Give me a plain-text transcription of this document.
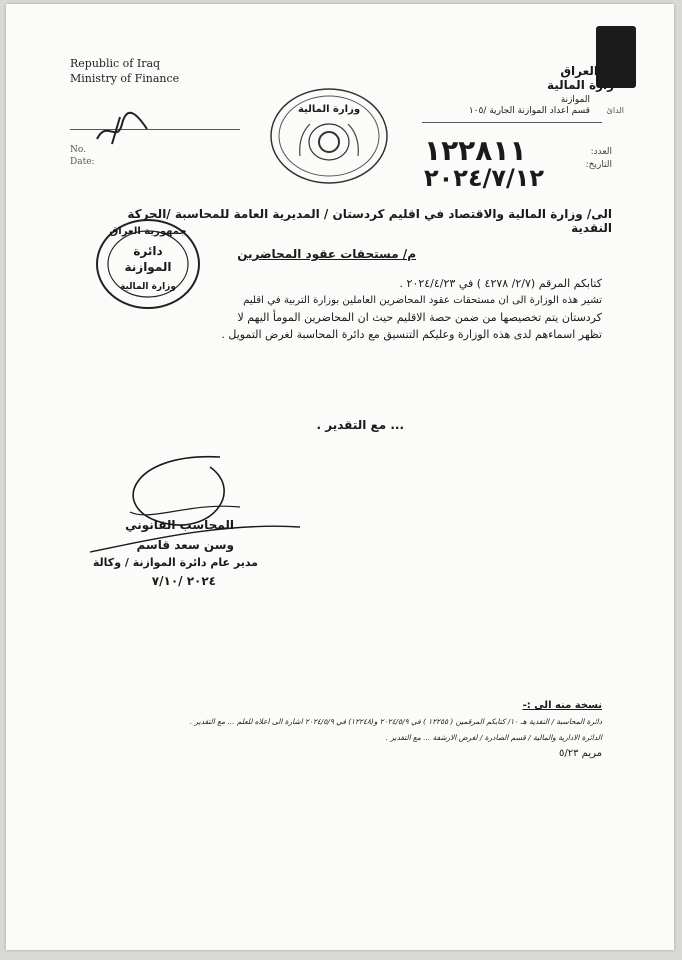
Republic of Iraq
Ministry of Finance
No.
Date:
وزارة المالية
ية العراق
زارة المالية
الموازنة
قسم اعداد الموازنة الجارية /١٠٥ الدائ
العدد:
التاريخ:
١٢٢٨١١
٢٠٢٤/٧/١٢
الى/ وزارة المالية والاقتصاد في اقليم كردستان / المديرية العامة للمحاسبة /الحركة النقدية
جمهورية العراق
دائرة
الموازنة
وزارة المالية
م/ مستحقات عقود المحاضرين
كتابكم المرقم (٢/٧/ ٤٢٧٨ ) في ٢٠٢٤/٤/٢٣ .
تشير هذه الوزارة الى ان مستحقات عقود المحاضرين العاملين بوزارة التربية في اقليم
كردستان يتم تخصيصها من ضمن حصة الاقليم حيث ان المحاضرين المومأ اليهم لا
تظهر اسماءهم لدى هذه الوزارة وعليكم التنسيق مع دائرة المحاسبة لغرض التمويل .
... مع التقدير .
المحاسب القانوني
وسن سعد قاسم
مدير عام دائرة الموازنة / وكالة
٢٠٢٤ /٧/١٠
نسخة منه الى :-
دائرة المحاسبة / النقدية هـ ١٠/ كتابكم المرقمين ( ١٢٢٥٥ ) في ٢٠٢٤/٥/٩ و(١٢٢٤٨) في ٢٠٢٤/٥/٩ اشارة الى اعلاه للعلم ... مع التقدير .
الدائرة الادارية والمالية / قسم الصادرة / لغرض الارشفة ... مع التقدير .
مريم ٥/٢٣
